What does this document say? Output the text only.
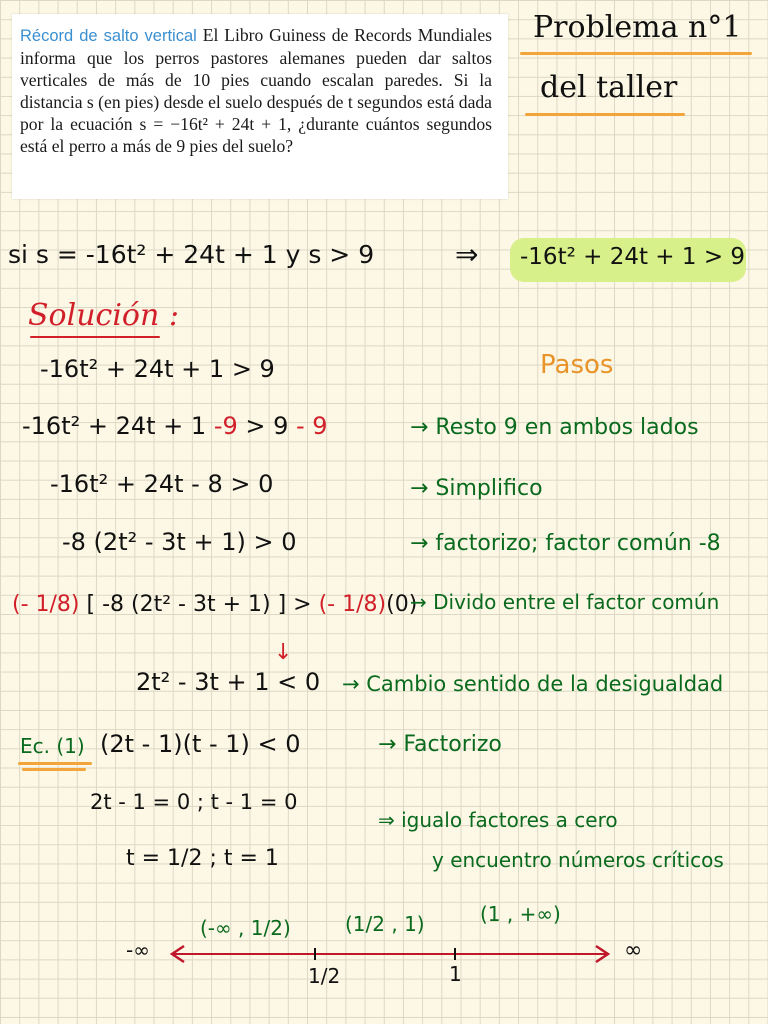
Récord de salto vertical El Libro Guiness de Records Mundiales informa que los perros pastores alemanes pueden dar saltos verticales de más de 10 pies cuando escalan paredes. Si la distancia s (en pies) desde el suelo después de t segundos está dada por la ecuación s = −16t² + 24t + 1, ¿durante cuántos segundos está el perro a más de 9 pies del suelo?
Problema n°1
del taller
si s = -16t² + 24t + 1 y s > 9	⇒ -16t² + 24t + 1 > 9
Solución :
Pasos
-16t² + 24t + 1 > 9
-16t² + 24t + 1 -9 > 9 - 9	→ Resto 9 en ambos lados
-16t² + 24t - 8 > 0	→ Simplifico
-8 (2t² - 3t + 1) > 0	→ factorizo; factor común -8
(- 1/8) [ -8 (2t² - 3t + 1) ] > (- 1/8)(0)
→ Divido entre el factor común
↓
2t² - 3t + 1 < 0 → Cambio sentido de la desigualdad
Ec. (1) (2t - 1)(t - 1) < 0	→ Factorizo
2t - 1 = 0 ; t - 1 = 0
t = 1/2 ; t = 1
⇒ igualo factores a cero
y encuentro números críticos
(-∞ , 1/2)	(1/2 , 1)	(1 , +∞)
-∞	∞
1/2	1
